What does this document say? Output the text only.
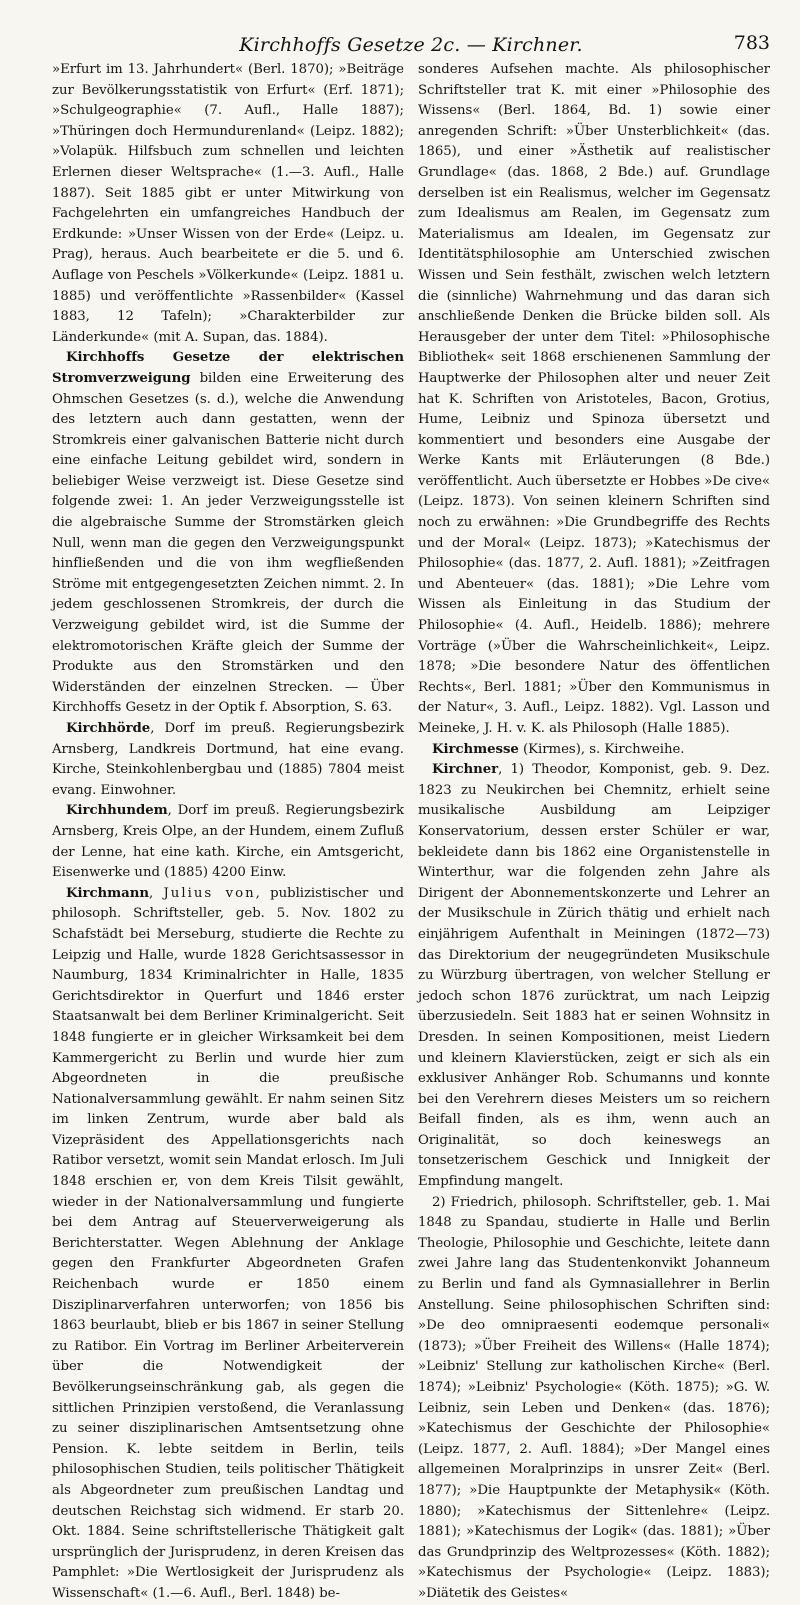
Kirchhoffs Gesetze 2c. — Kirchner.	783

»Erfurt im 13. Jahrhundert« (Berl. 1870); »Beiträge zur Bevölkerungsstatistik von Erfurt« (Erf. 1871); »Schulgeographie« (7. Aufl., Halle 1887); »Thüringen doch Hermundurenland« (Leipz. 1882); »Volapük. Hilfsbuch zum schnellen und leichten Erlernen dieser Weltsprache« (1.—3. Aufl., Halle 1887). Seit 1885 gibt er unter Mitwirkung von Fachgelehrten ein umfangreiches Handbuch der Erdkunde: »Unser Wissen von der Erde« (Leipz. u. Prag), heraus. Auch bearbeitete er die 5. und 6. Auflage von Peschels »Völkerkunde« (Leipz. 1881 u. 1885) und veröffentlichte »Rassenbilder« (Kassel 1883, 12 Tafeln); »Charakterbilder zur Länderkunde« (mit A. Supan, das. 1884).

Kirchhoffs Gesetze der elektrischen Stromverzweigung bilden eine Erweiterung des Ohmschen Gesetzes (s. d.), welche die Anwendung des letztern auch dann gestatten, wenn der Stromkreis einer galvanischen Batterie nicht durch eine einfache Leitung gebildet wird, sondern in beliebiger Weise verzweigt ist. Diese Gesetze sind folgende zwei: 1. An jeder Verzweigungsstelle ist die algebraische Summe der Stromstärken gleich Null, wenn man die gegen den Verzweigungspunkt hinfließenden und die von ihm wegfließenden Ströme mit entgegengesetzten Zeichen nimmt. 2. In jedem geschlossenen Stromkreis, der durch die Verzweigung gebildet wird, ist die Summe der elektromotorischen Kräfte gleich der Summe der Produkte aus den Stromstärken und den Widerständen der einzelnen Strecken. — Über Kirchhoffs Gesetz in der Optik f. Absorption, S. 63.

Kirchhörde, Dorf im preuß. Regierungsbezirk Arnsberg, Landkreis Dortmund, hat eine evang. Kirche, Steinkohlenbergbau und (1885) 7804 meist evang. Einwohner.

Kirchhundem, Dorf im preuß. Regierungsbezirk Arnsberg, Kreis Olpe, an der Hundem, einem Zufluß der Lenne, hat eine kath. Kirche, ein Amtsgericht, Eisenwerke und (1885) 4200 Einw.

Kirchmann, Julius von, publizistischer und philosoph. Schriftsteller, geb. 5. Nov. 1802 zu Schafstädt bei Merseburg, studierte die Rechte zu Leipzig und Halle, wurde 1828 Gerichtsassessor in Naumburg, 1834 Kriminalrichter in Halle, 1835 Gerichtsdirektor in Querfurt und 1846 erster Staatsanwalt bei dem Berliner Kriminalgericht. Seit 1848 fungierte er in gleicher Wirksamkeit bei dem Kammergericht zu Berlin und wurde hier zum Abgeordneten in die preußische Nationalversammlung gewählt. Er nahm seinen Sitz im linken Zentrum, wurde aber bald als Vizepräsident des Appellationsgerichts nach Ratibor versetzt, womit sein Mandat erlosch. Im Juli 1848 erschien er, von dem Kreis Tilsit gewählt, wieder in der Nationalversammlung und fungierte bei dem Antrag auf Steuerverweigerung als Berichterstatter. Wegen Ablehnung der Anklage gegen den Frankfurter Abgeordneten Grafen Reichenbach wurde er 1850 einem Disziplinarverfahren unterworfen; von 1856 bis 1863 beurlaubt, blieb er bis 1867 in seiner Stellung zu Ratibor. Ein Vortrag im Berliner Arbeiterverein über die Notwendigkeit der Bevölkerungseinschränkung gab, als gegen die sittlichen Prinzipien verstoßend, die Veranlassung zu seiner disziplinarischen Amtsentsetzung ohne Pension. K. lebte seitdem in Berlin, teils philosophischen Studien, teils politischer Thätigkeit als Abgeordneter zum preußischen Landtag und deutschen Reichstag sich widmend. Er starb 20. Okt. 1884. Seine schriftstellerische Thätigkeit galt ursprünglich der Jurisprudenz, in deren Kreisen das Pamphlet: »Die Wertlosigkeit der Jurisprudenz als Wissenschaft« (1.—6. Aufl., Berl. 1848) be-

sonderes Aufsehen machte. Als philosophischer Schriftsteller trat K. mit einer »Philosophie des Wissens« (Berl. 1864, Bd. 1) sowie einer anregenden Schrift: »Über Unsterblichkeit« (das. 1865), und einer »Ästhetik auf realistischer Grundlage« (das. 1868, 2 Bde.) auf. Grundlage derselben ist ein Realismus, welcher im Gegensatz zum Idealismus am Realen, im Gegensatz zum Materialismus am Idealen, im Gegensatz zur Identitätsphilosophie am Unterschied zwischen Wissen und Sein festhält, zwischen welch letztern die (sinnliche) Wahrnehmung und das daran sich anschließende Denken die Brücke bilden soll. Als Herausgeber der unter dem Titel: »Philosophische Bibliothek« seit 1868 erschienenen Sammlung der Hauptwerke der Philosophen alter und neuer Zeit hat K. Schriften von Aristoteles, Bacon, Grotius, Hume, Leibniz und Spinoza übersetzt und kommentiert und besonders eine Ausgabe der Werke Kants mit Erläuterungen (8 Bde.) veröffentlicht. Auch übersetzte er Hobbes »De cive« (Leipz. 1873). Von seinen kleinern Schriften sind noch zu erwähnen: »Die Grundbegriffe des Rechts und der Moral« (Leipz. 1873); »Katechismus der Philosophie« (das. 1877, 2. Aufl. 1881); »Zeitfragen und Abenteuer« (das. 1881); »Die Lehre vom Wissen als Einleitung in das Studium der Philosophie« (4. Aufl., Heidelb. 1886); mehrere Vorträge (»Über die Wahrscheinlichkeit«, Leipz. 1878; »Die besondere Natur des öffentlichen Rechts«, Berl. 1881; »Über den Kommunismus in der Natur«, 3. Aufl., Leipz. 1882). Vgl. Lasson und Meineke, J. H. v. K. als Philosoph (Halle 1885).

Kirchmesse (Kirmes), s. Kirchweihe.

Kirchner, 1) Theodor, Komponist, geb. 9. Dez. 1823 zu Neukirchen bei Chemnitz, erhielt seine musikalische Ausbildung am Leipziger Konservatorium, dessen erster Schüler er war, bekleidete dann bis 1862 eine Organistenstelle in Winterthur, war die folgenden zehn Jahre als Dirigent der Abonnementskonzerte und Lehrer an der Musikschule in Zürich thätig und erhielt nach einjährigem Aufenthalt in Meiningen (1872—73) das Direktorium der neugegründeten Musikschule zu Würzburg übertragen, von welcher Stellung er jedoch schon 1876 zurücktrat, um nach Leipzig überzusiedeln. Seit 1883 hat er seinen Wohnsitz in Dresden. In seinen Kompositionen, meist Liedern und kleinern Klavierstücken, zeigt er sich als ein exklusiver Anhänger Rob. Schumanns und konnte bei den Verehrern dieses Meisters um so reichern Beifall finden, als es ihm, wenn auch an Originalität, so doch keineswegs an tonsetzerischem Geschick und Innigkeit der Empfindung mangelt.

2) Friedrich, philosoph. Schriftsteller, geb. 1. Mai 1848 zu Spandau, studierte in Halle und Berlin Theologie, Philosophie und Geschichte, leitete dann zwei Jahre lang das Studentenkonvikt Johanneum zu Berlin und fand als Gymnasiallehrer in Berlin Anstellung. Seine philosophischen Schriften sind: »De deo omnipraesenti eodemque personali« (1873); »Über Freiheit des Willens« (Halle 1874); »Leibniz' Stellung zur katholischen Kirche« (Berl. 1874); »Leibniz' Psychologie« (Köth. 1875); »G. W. Leibniz, sein Leben und Denken« (das. 1876); »Katechismus der Geschichte der Philosophie« (Leipz. 1877, 2. Aufl. 1884); »Der Mangel eines allgemeinen Moralprinzips in unsrer Zeit« (Berl. 1877); »Die Hauptpunkte der Metaphysik« (Köth. 1880); »Katechismus der Sittenlehre« (Leipz. 1881); »Katechismus der Logik« (das. 1881); »Über das Grundprinzip des Weltprozesses« (Köth. 1882); »Katechismus der Psychologie« (Leipz. 1883); »Diätetik des Geistes«
